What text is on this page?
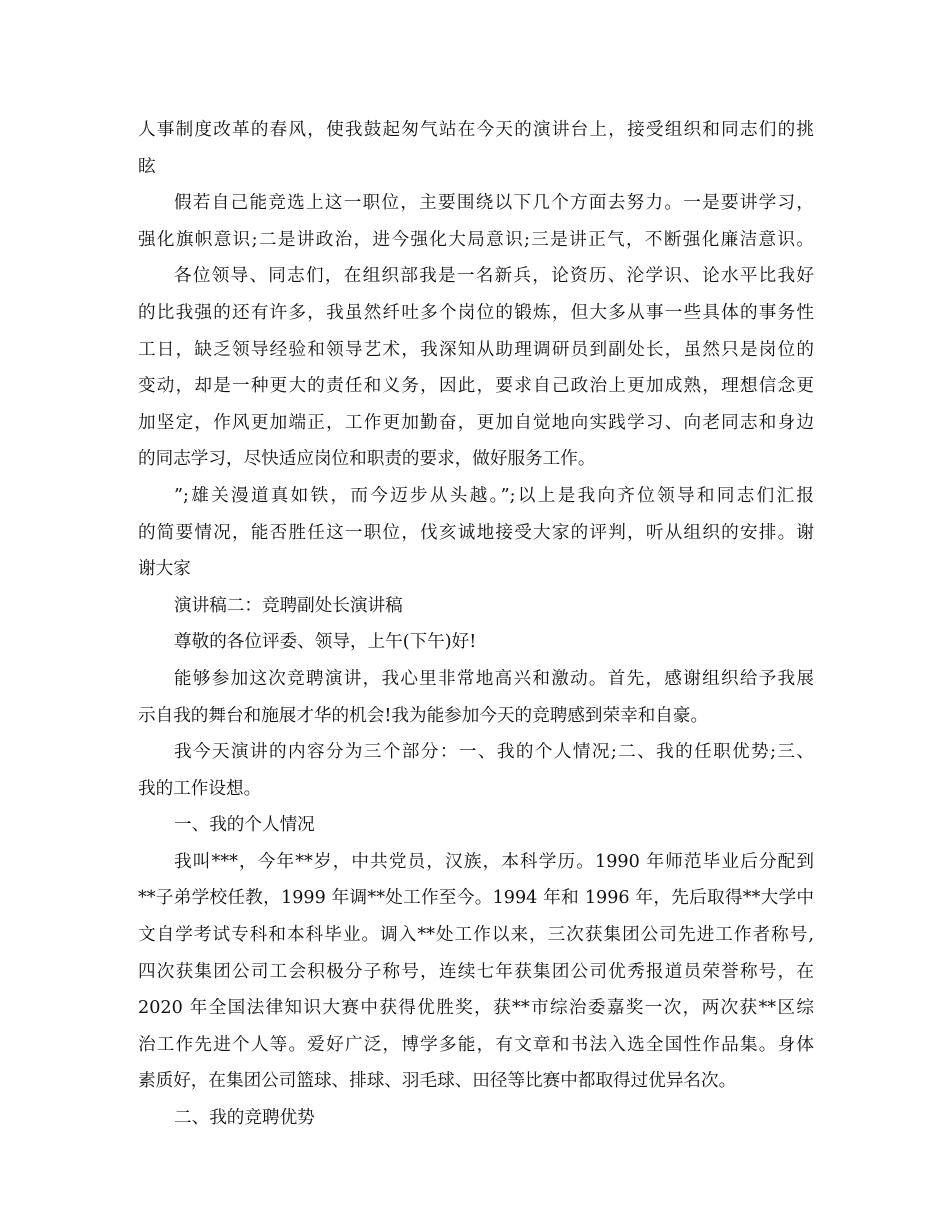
人事制度改革的春风，使我鼓起匆气站在今天的演讲台上，接受组织和同志们的挑
眩
假若自己能竞选上这一职位，主要围绕以下几个方面去努力。一是要讲学习，
强化旗帜意识;二是讲政治，进今强化大局意识;三是讲正气，不断强化廉洁意识。
各位领导、同志们，在组织部我是一名新兵，论资历、沦学识、论水平比我好
的比我强的还有许多，我虽然纤吐多个岗位的锻炼，但大多从事一些具体的事务性
工日，缺乏领导经验和领导艺术，我深知从助理调研员到副处长，虽然只是岗位的
变动，却是一种更大的责任和义务，因此，要求自己政治上更加成熟，理想信念更
加坚定，作风更加端正，工作更加勤奋，更加自觉地向实践学习、向老同志和身边
的同志学习，尽快适应岗位和职责的要求，做好服务工作。
”;雄关漫道真如铁，而今迈步从头越。”;以上是我向齐位领导和同志们汇报
的简要情况，能否胜任这一职位，伐亥诚地接受大家的评判，听从组织的安排。谢
谢大家
演讲稿二：竞聘副处长演讲稿
尊敬的各位评委、领导，上午(下午)好!
能够参加这次竞聘演讲，我心里非常地高兴和激动。首先，感谢组织给予我展
示自我的舞台和施展才华的机会!我为能参加今天的竞聘感到荣幸和自豪。
我今天演讲的内容分为三个部分：一、我的个人情况;二、我的任职优势;三、
我的工作设想。
一、我的个人情况
我叫***，今年**岁，中共党员，汉族，本科学历。1990 年师范毕业后分配到
**子弟学校任教，1999 年调**处工作至今。1994 年和 1996 年，先后取得**大学中
文自学考试专科和本科毕业。调入**处工作以来，三次获集团公司先进工作者称号,
四次获集团公司工会积极分子称号，连续七年获集团公司优秀报道员荣誉称号，在
2020 年全国法律知识大赛中获得优胜奖，获**市综治委嘉奖一次，两次获**区综
治工作先进个人等。爱好广泛，博学多能，有文章和书法入选全国性作品集。身体
素质好，在集团公司篮球、排球、羽毛球、田径等比赛中都取得过优异名次。
二、我的竞聘优势
